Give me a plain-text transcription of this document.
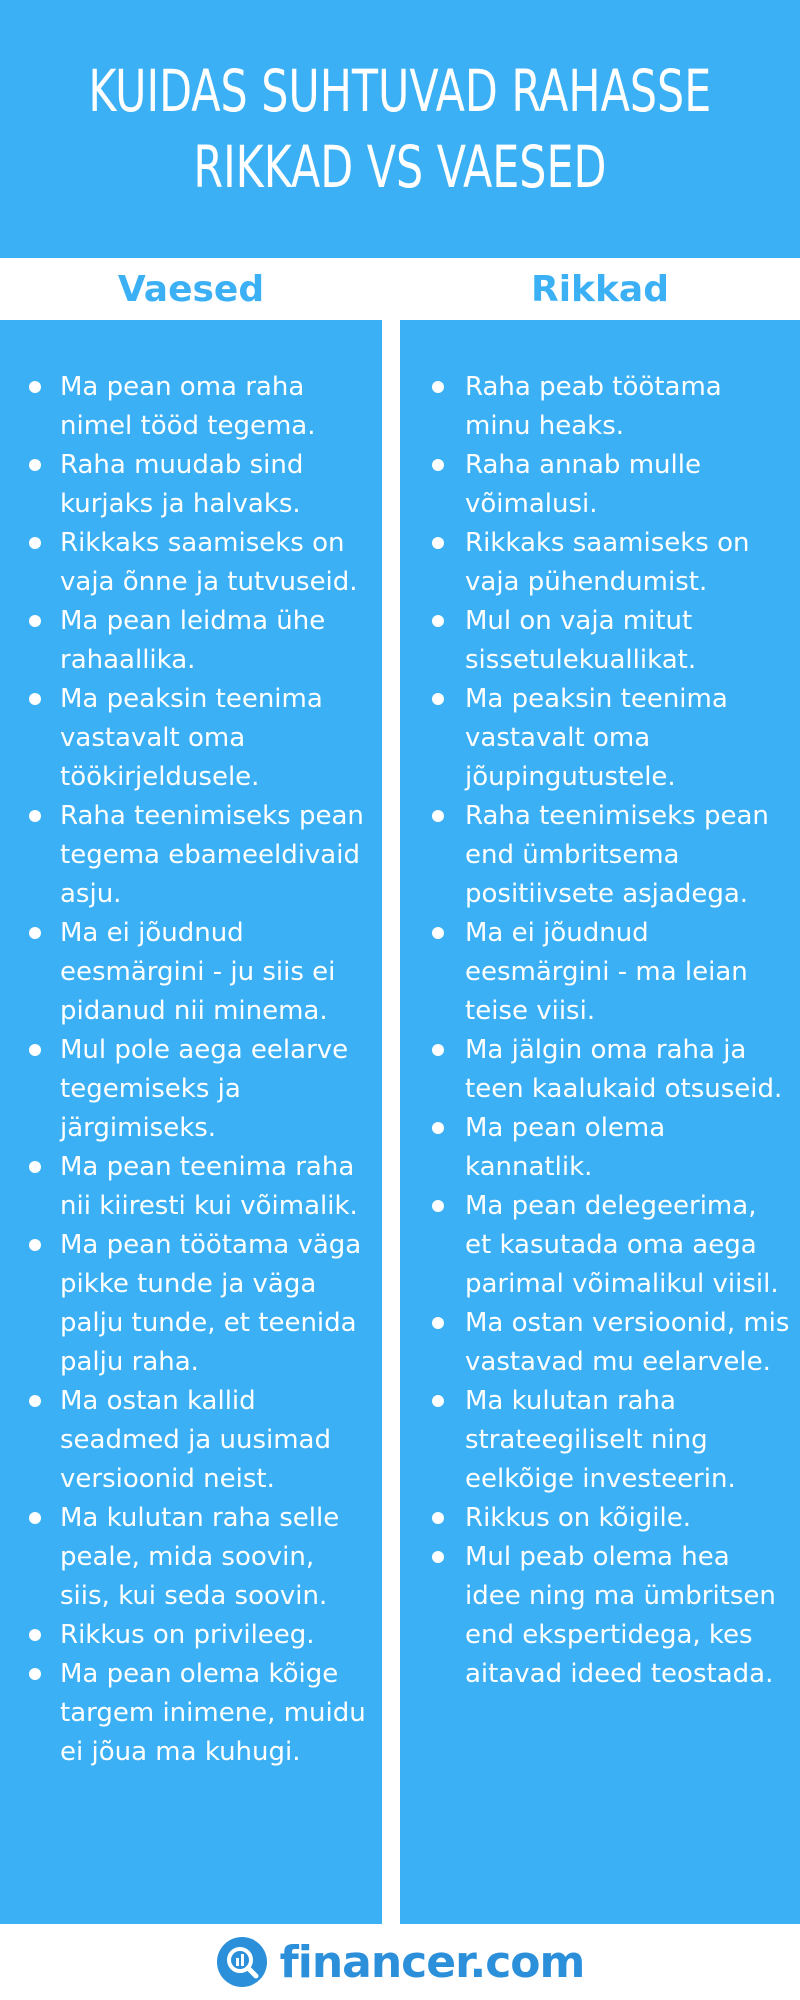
KUIDAS SUHTUVAD RAHASSE
RIKKAD VS VAESED
Vaesed	Rikkad
Ma pean oma raha nimel tööd tegema.
Raha muudab sind kurjaks ja halvaks.
Rikkaks saamiseks on vaja õnne ja tutvuseid.
Ma pean leidma ühe rahaallika.
Ma peaksin teenima vastavalt oma töökirjeldusele.
Raha teenimiseks pean tegema ebameeldivaid asju.
Ma ei jõudnud eesmärgini - ju siis ei pidanud nii minema.
Mul pole aega eelarve tegemiseks ja järgimiseks.
Ma pean teenima raha nii kiiresti kui võimalik.
Ma pean töötama väga pikke tunde ja väga palju tunde, et teenida palju raha.
Ma ostan kallid seadmed ja uusimad versioonid neist.
Ma kulutan raha selle peale, mida soovin, siis, kui seda soovin.
Rikkus on privileeg.
Ma pean olema kõige targem inimene, muidu ei jõua ma kuhugi.
Raha peab töötama minu heaks.
Raha annab mulle võimalusi.
Rikkaks saamiseks on vaja pühendumist.
Mul on vaja mitut sissetulekuallikat.
Ma peaksin teenima vastavalt oma jõupingutustele.
Raha teenimiseks pean end ümbritsema positiivsete asjadega.
Ma ei jõudnud eesmärgini - ma leian teise viisi.
Ma jälgin oma raha ja teen kaalukaid otsuseid.
Ma pean olema kannatlik.
Ma pean delegeerima, et kasutada oma aega parimal võimalikul viisil.
Ma ostan versioonid, mis vastavad mu eelarvele.
Ma kulutan raha strateegiliselt ning eelkõige investeerin.
Rikkus on kõigile.
Mul peab olema hea idee ning ma ümbritsen end ekspertidega, kes aitavad ideed teostada.
financer.com
